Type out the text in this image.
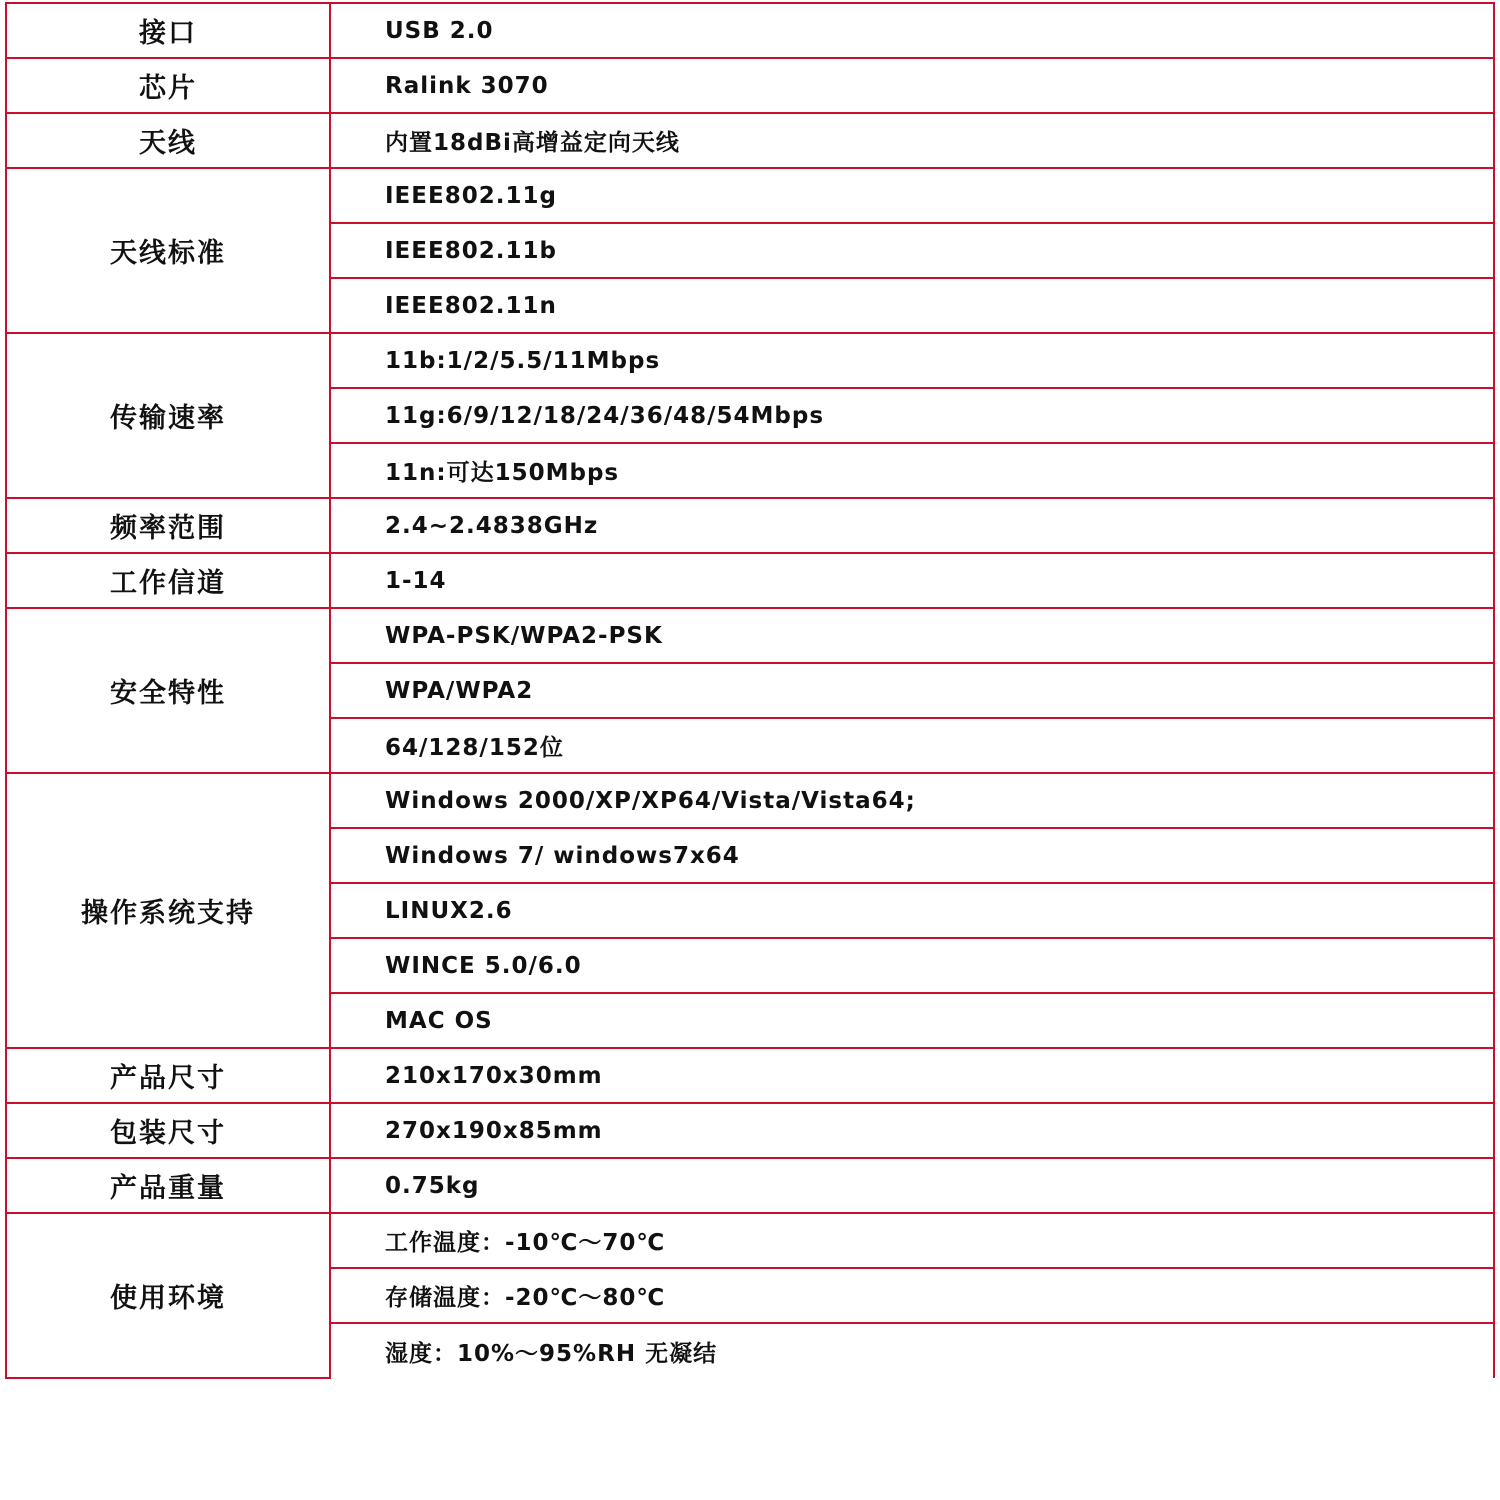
接口	USB 2.0
芯片	Ralink 3070
天线	内置18dBi高增益定向天线
天线标准	IEEE802.11g
	IEEE802.11b
	IEEE802.11n
传输速率	11b:1/2/5.5/11Mbps
	11g:6/9/12/18/24/36/48/54Mbps
	11n:可达150Mbps
频率范围	2.4~2.4838GHz
工作信道	1-14
安全特性	WPA-PSK/WPA2-PSK
	WPA/WPA2
	64/128/152位
操作系统支持	Windows 2000/XP/XP64/Vista/Vista64;
	Windows 7/ windows7x64
	LINUX2.6
	WINCE 5.0/6.0
	MAC OS
产品尺寸	210x170x30mm
包装尺寸	270x190x85mm
产品重量	0.75kg
使用环境	工作温度：-10℃～70℃
	存储温度：-20℃～80℃
	湿度：10%～95%RH 无凝结
